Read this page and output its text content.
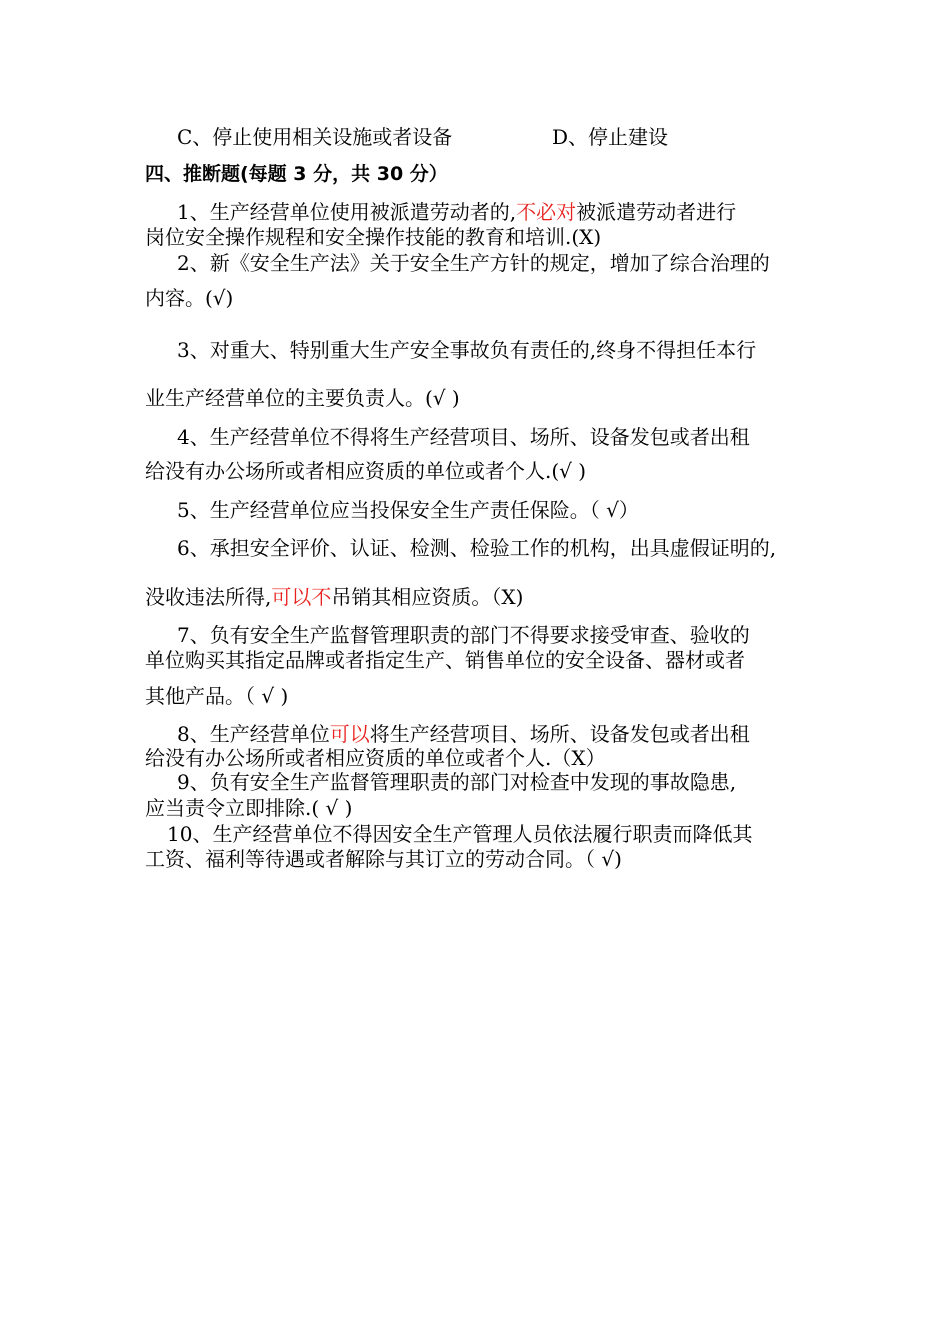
C、停止使用相关设施或者设备	D、停止建设
四、推断题(每题 3 分，共 30 分）
1、生产经营单位使用被派遣劳动者的,不必对被派遣劳动者进行
岗位安全操作规程和安全操作技能的教育和培训.(X)
2、新《安全生产法》关于安全生产方针的规定，增加了综合治理的
内容。(√)
3、对重大、特别重大生产安全事故负有责任的,终身不得担任本行
业生产经营单位的主要负责人。(√ )
4、生产经营单位不得将生产经营项目、场所、设备发包或者出租
给没有办公场所或者相应资质的单位或者个人.(√ )
5、生产经营单位应当投保安全生产责任保险。（ √）
6、承担安全评价、认证、检测、检验工作的机构，出具虚假证明的,
没收违法所得,可以不吊销其相应资质。（X)
7、负有安全生产监督管理职责的部门不得要求接受审查、验收的
单位购买其指定品牌或者指定生产、销售单位的安全设备、器材或者
其他产品。（ √ )
8、生产经营单位可以将生产经营项目、场所、设备发包或者出租
给没有办公场所或者相应资质的单位或者个人.（X）
9、负有安全生产监督管理职责的部门对检查中发现的事故隐患,
应当责令立即排除.( √ )
10、生产经营单位不得因安全生产管理人员依法履行职责而降低其
工资、福利等待遇或者解除与其订立的劳动合同。（ √)
